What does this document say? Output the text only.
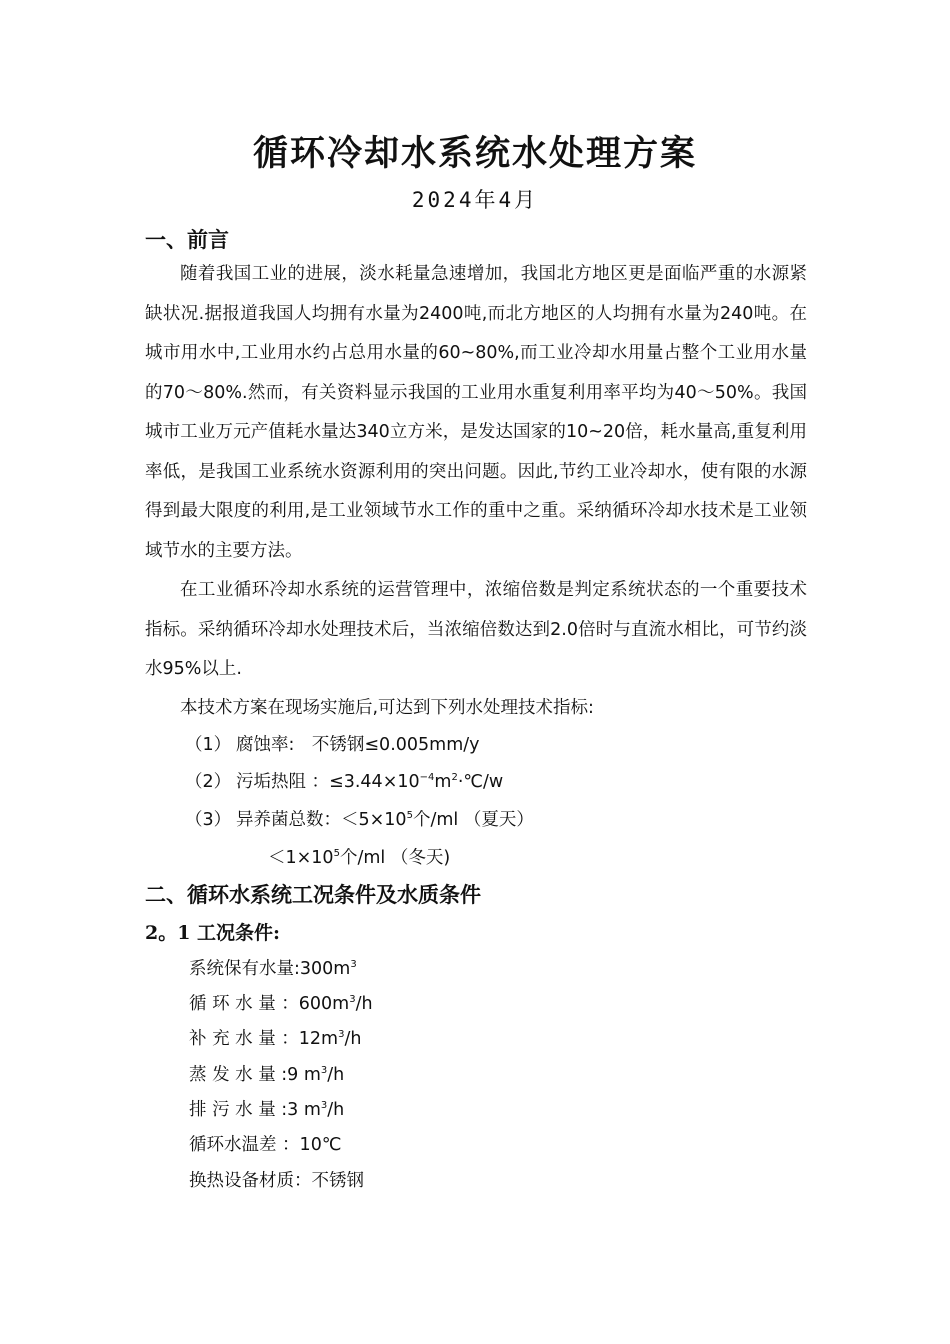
循环冷却水系统水处理方案
2024年4月
一、前言
随着我国工业的进展，淡水耗量急速增加，我国北方地区更是面临严重的水源紧缺状况.据报道我国人均拥有水量为2400吨,而北方地区的人均拥有水量为240吨。在城市用水中,工业用水约占总用水量的60~80%,而工业冷却水用量占整个工业用水量的70～80%.然而，有关资料显示我国的工业用水重复利用率平均为40～50%。我国城市工业万元产值耗水量达340立方米，是发达国家的10~20倍，耗水量高,重复利用率低，是我国工业系统水资源利用的突出问题。因此,节约工业冷却水，使有限的水源得到最大限度的利用,是工业领域节水工作的重中之重。采纳循环冷却水技术是工业领域节水的主要方法。
在工业循环冷却水系统的运营管理中，浓缩倍数是判定系统状态的一个重要技术指标。采纳循环冷却水处理技术后，当浓缩倍数达到2.0倍时与直流水相比，可节约淡水95%以上.
本技术方案在现场实施后,可达到下列水处理技术指标:
（1） 腐蚀率:　不锈钢≤0.005mm/y
（2） 污垢热阻 ：$\le 3.44\times 10^{-4}m^2\cdot℃/w$
（3） 异养菌总数：$<5\times 10^5$个/ml （夏天）
$<1\times 10^5$个/ml （冬天)
二、循环水系统工况条件及水质条件
2。1 工况条件:
系统保有水量$:300m^3$
循 环 水 量 ：$600m^3/h$
补 充 水 量 ：$12m^3/h$
蒸 发 水 量 :9 $m^3/h$
排 污 水 量 :3 $m^3/h$
循环水温差 ：10℃
换热设备材质：不锈钢
